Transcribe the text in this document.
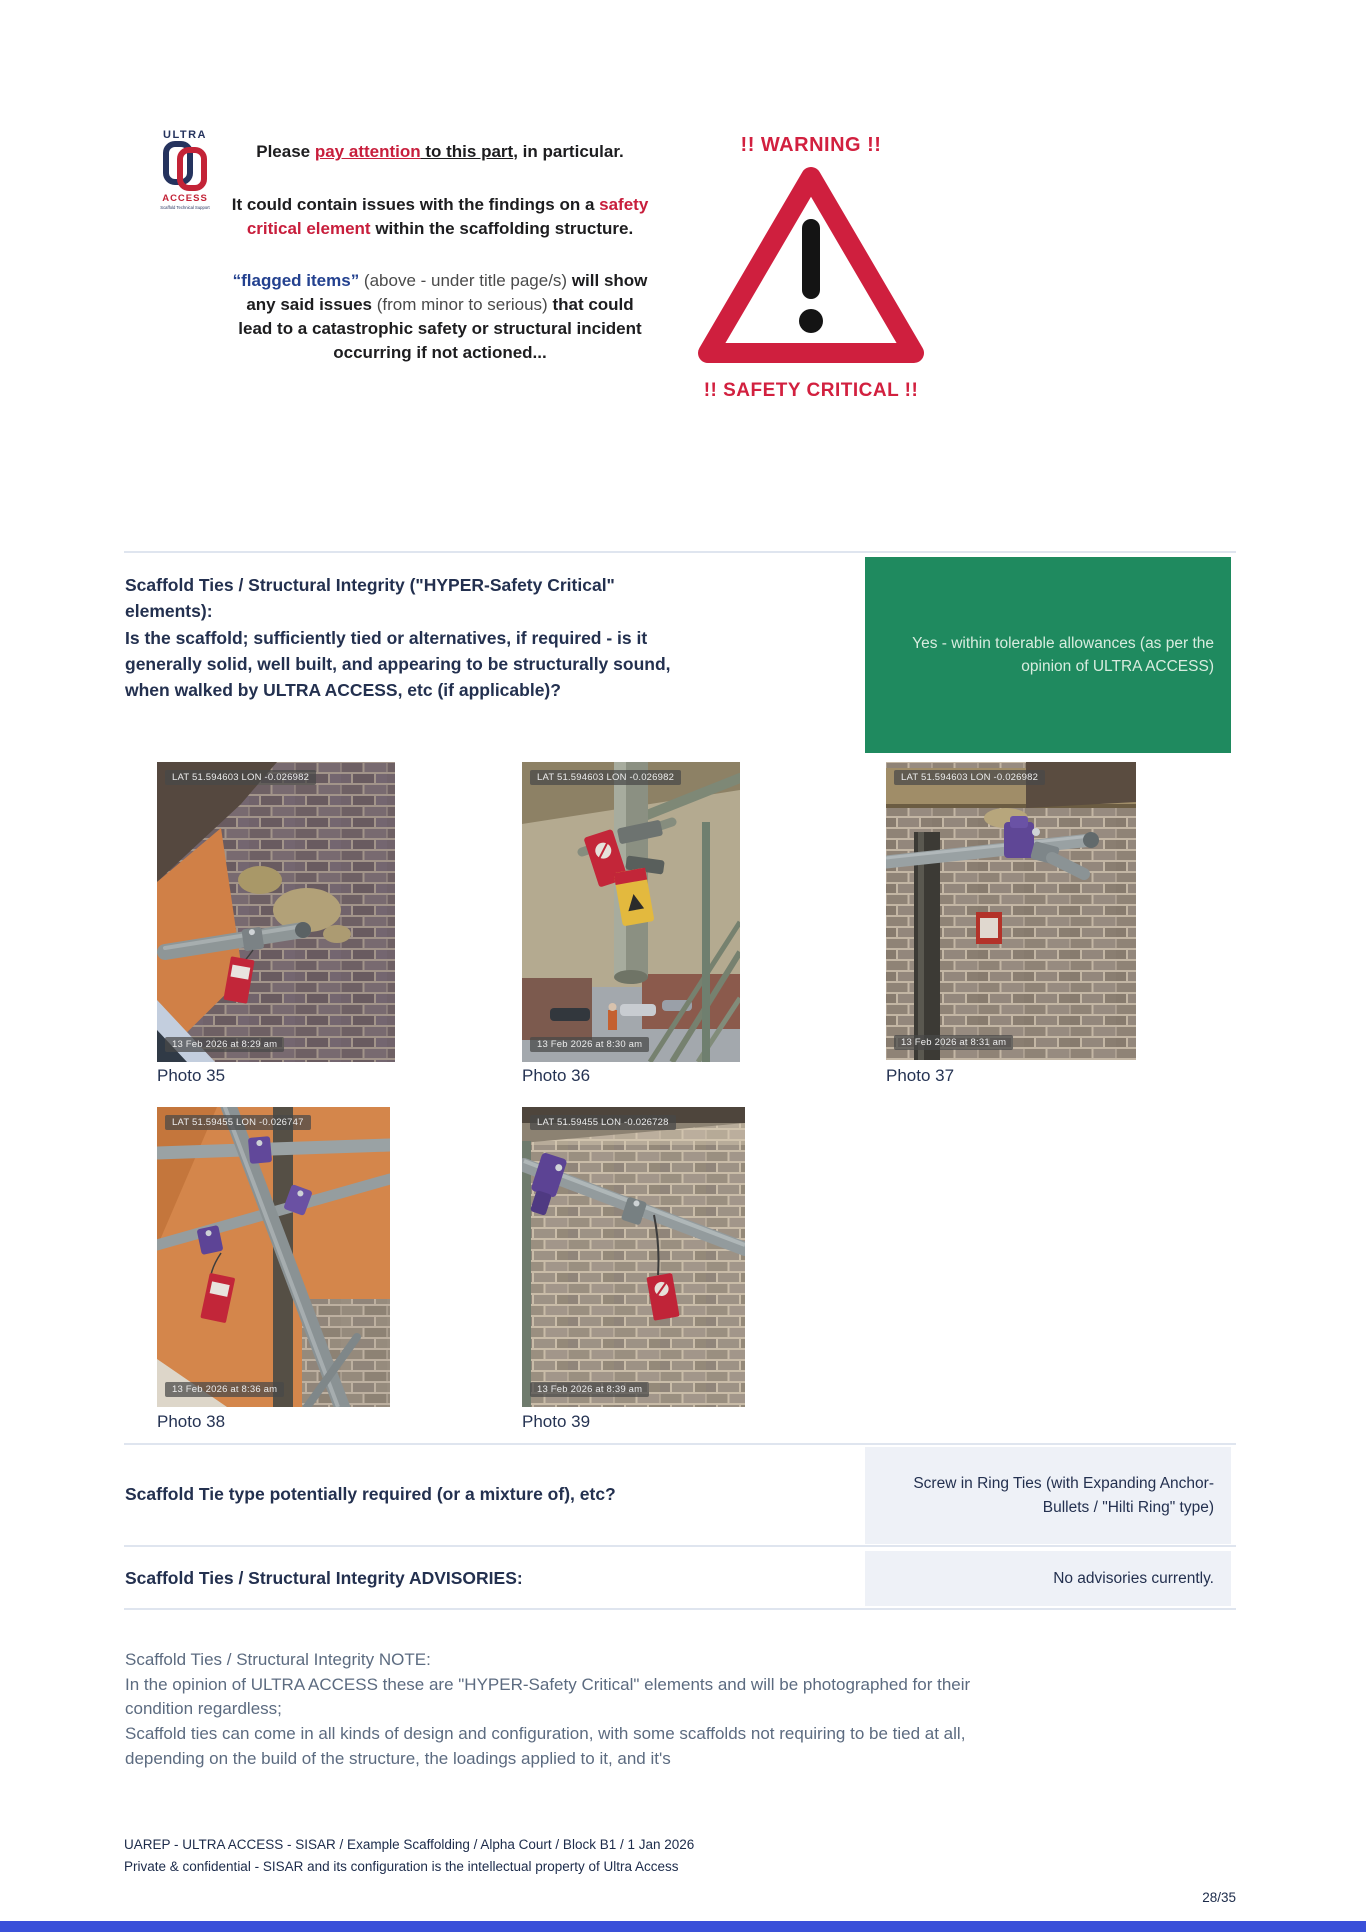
ULTRA
ACCESS
Scaffold Technical Support

Please pay attention to this part, in particular.

It could contain issues with the findings on a safety critical element within the scaffolding structure.

“flagged items” (above - under title page/s) will show any said issues (from minor to serious) that could lead to a catastrophic safety or structural incident occurring if not actioned...

!! WARNING !!
!! SAFETY CRITICAL !!
Scaffold Ties / Structural Integrity ("HYPER-Safety Critical" elements):
Is the scaffold; sufficiently tied or alternatives, if required - is it generally solid, well built, and appearing to be structurally sound, when walked by ULTRA ACCESS, etc (if applicable)?
Yes - within tolerable allowances (as per the opinion of ULTRA ACCESS)
LAT 51.594603 LON -0.026982
13 Feb 2026 at 8:29 am
Photo 35
LAT 51.594603 LON -0.026982
13 Feb 2026 at 8:30 am
Photo 36
LAT 51.594603 LON -0.026982
13 Feb 2026 at 8:31 am
Photo 37
LAT 51.59455 LON -0.026747
13 Feb 2026 at 8:36 am
Photo 38
LAT 51.59455 LON -0.026728
13 Feb 2026 at 8:39 am
Photo 39
Scaffold Tie type potentially required (or a mixture of), etc?
Screw in Ring Ties (with Expanding Anchor-Bullets / "Hilti Ring" type)
Scaffold Ties / Structural Integrity ADVISORIES:	No advisories currently.
Scaffold Ties / Structural Integrity NOTE:
In the opinion of ULTRA ACCESS these are "HYPER-Safety Critical" elements and will be photographed for their condition regardless;
Scaffold ties can come in all kinds of design and configuration, with some scaffolds not requiring to be tied at all, depending on the build of the structure, the loadings applied to it, and it's
UAREP - ULTRA ACCESS - SISAR / Example Scaffolding / Alpha Court / Block B1 / 1 Jan 2026
Private & confidential - SISAR and its configuration is the intellectual property of Ultra Access
28/35
